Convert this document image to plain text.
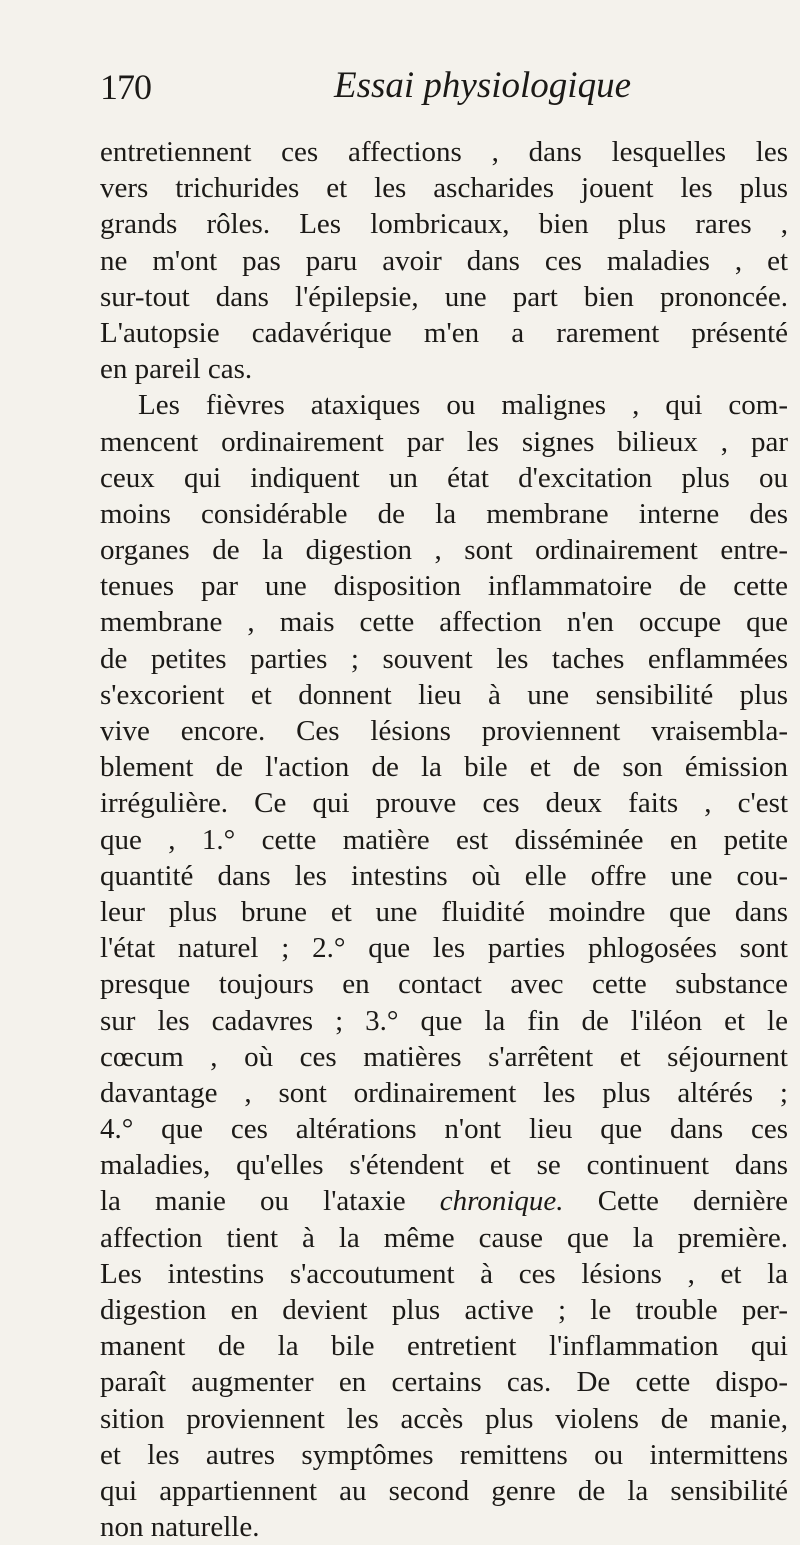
170	Essai physiologique
entretiennent ces affections , dans lesquelles les
vers trichurides et les ascharides jouent les plus
grands rôles. Les lombricaux, bien plus rares ,
ne m'ont pas paru avoir dans ces maladies , et
sur-tout dans l'épilepsie, une part bien prononcée.
L'autopsie cadavérique m'en a rarement présenté
en pareil cas.
Les fièvres ataxiques ou malignes , qui com-
mencent ordinairement par les signes bilieux , par
ceux qui indiquent un état d'excitation plus ou
moins considérable de la membrane interne des
organes de la digestion , sont ordinairement entre-
tenues par une disposition inflammatoire de cette
membrane , mais cette affection n'en occupe que
de petites parties ; souvent les taches enflammées
s'excorient et donnent lieu à une sensibilité plus
vive encore. Ces lésions proviennent vraisembla-
blement de l'action de la bile et de son émission
irrégulière. Ce qui prouve ces deux faits , c'est
que , 1.° cette matière est disséminée en petite
quantité dans les intestins où elle offre une cou-
leur plus brune et une fluidité moindre que dans
l'état naturel ; 2.° que les parties phlogosées sont
presque toujours en contact avec cette substance
sur les cadavres ; 3.° que la fin de l'iléon et le
cœcum , où ces matières s'arrêtent et séjournent
davantage , sont ordinairement les plus altérés ;
4.° que ces altérations n'ont lieu que dans ces
maladies, qu'elles s'étendent et se continuent dans
la manie ou l'ataxie chronique. Cette dernière
affection tient à la même cause que la première.
Les intestins s'accoutument à ces lésions , et la
digestion en devient plus active ; le trouble per-
manent de la bile entretient l'inflammation qui
paraît augmenter en certains cas. De cette dispo-
sition proviennent les accès plus violens de manie,
et les autres symptômes remittens ou intermittens
qui appartiennent au second genre de la sensibilité
non naturelle.
